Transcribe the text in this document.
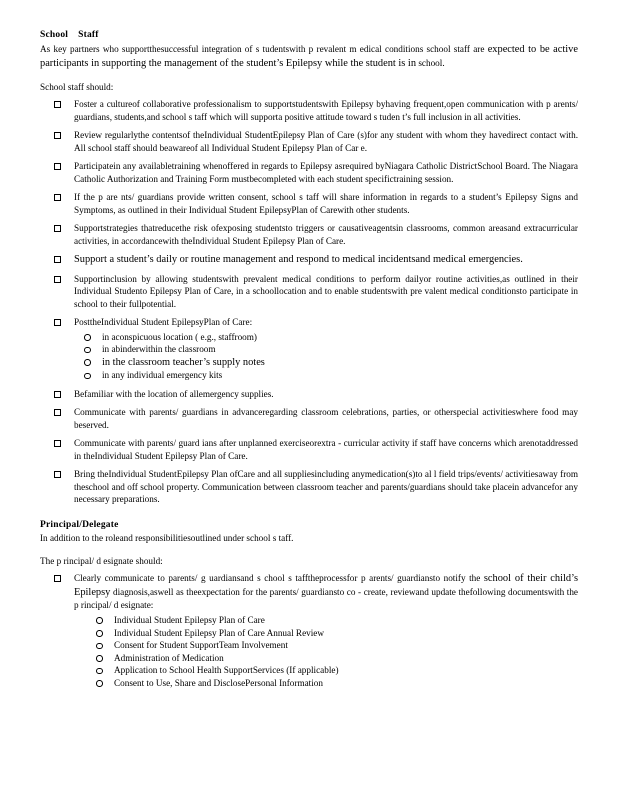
School Staff
As key partners who supportthesuccessful integration of s tudentswith p revalent m edical conditions school staff are expected to be active participants in supporting the management of the student’s Epilepsy while the student is in school.
School staff should:

Foster a cultureof collaborative professionalism to supportstudentswith Epilepsy byhaving frequent,open communication with p arents/ guardians, students,and school s taff which will supporta positive attitude toward s tuden t’s full inclusion in all activities.

Review regularlythe contentsof theIndividual StudentEpilepsy Plan of Care (s)for any student with whom they havedirect contact with. All school staff should beawareof all Individual Student Epilepsy Plan of Car e.

Participatein any availabletraining whenoffered in regards to Epilepsy asrequired byNiagara Catholic DistrictSchool Board. The Niagara Catholic Authorization and Training Form mustbecompleted with each student specifictraining session.

If the p are nts/ guardians provide written consent, school s taff will share information in regards to a student’s Epilepsy Signs and Symptoms, as outlined in their Individual Student EpilepsyPlan of Carewith other students.

Supportstrategies thatreducethe risk ofexposing studentsto triggers or causativeagentsin classrooms, common areasand extracurricular activities, in accordancewith theIndividual Student Epilepsy Plan of Care.

Support a student’s daily or routine management and respond to medical incidentsand medical emergencies.

Supportinclusion by allowing studentswith prevalent medical conditions to perform dailyor routine activities,as outlined in their Individual Studento Epilepsy Plan of Care, in a schoollocation and to enable studentswith pre valent medical conditionsto participate in school to their fullpotential.

PosttheIndividual Student EpilepsyPlan of Care:

in aconspicuous location ( e.g., staffroom)
in abinderwithin the classroom
in the classroom teacher’s supply notes
in any individual emergency kits

Befamiliar with the location of allemergency supplies.

Communicate with parents/ guardians in advanceregarding classroom celebrations, parties, or otherspecial activitieswhere food may beserved.

Communicate with parents/ guard ians after unplanned exerciseorextra - curricular activity if staff have concerns which arenotaddressed in theIndividual Student Epilepsy Plan of Care.

Bring theIndividual StudentEpilepsy Plan ofCare and all suppliesincluding anymedication(s)to al l field trips/events/ activitiesaway from theschool and off school property. Communication between classroom teacher and parents/guardians should take placein advancefor any necessary preparations.

Principal/Delegate
In addition to the roleand responsibilitiesoutlined under school s taff.
The p rincipal/ d esignate should:

Clearly communicate to parents/ g uardiansand s chool s tafftheprocessfor p arents/ guardiansto notify the school of their child’s Epilepsy diagnosis,aswell as theexpectation for the parents/ guardiansto co - create, reviewand update thefollowing documentswith the p rincipal/ d esignate:

Individual Student Epilepsy Plan of Care
Individual Student Epilepsy Plan of Care Annual Review
Consent for Student SupportTeam Involvement
Administration of Medication
Application to School Health SupportServices (If applicable)
Consent to Use, Share and DisclosePersonal Information
